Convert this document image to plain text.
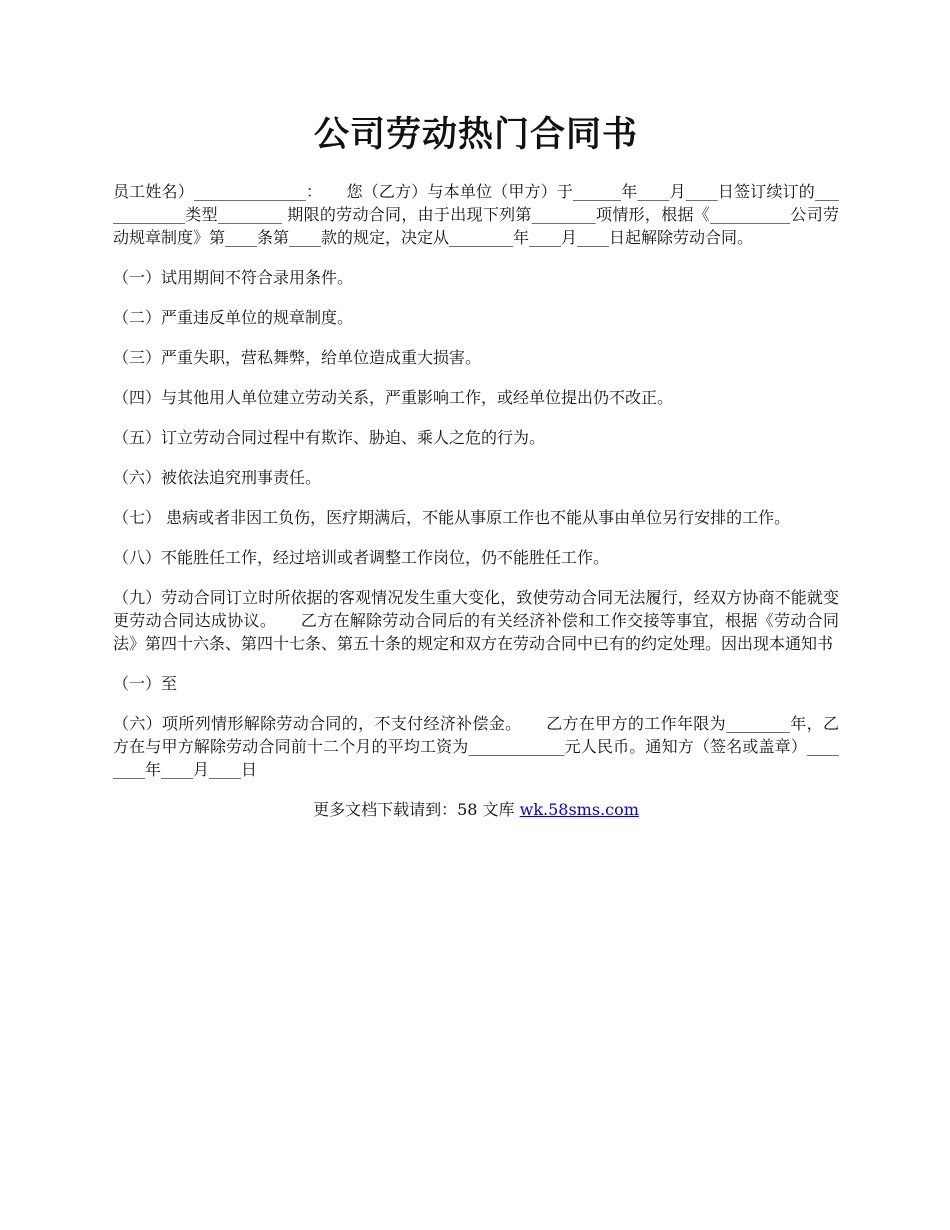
公司劳动热门合同书

员工姓名）______________：　　您（乙方）与本单位（甲方）于______年____月____日签订续订的____________类型________ 期限的劳动合同，由于出现下列第________项情形，根据《__________公司劳动规章制度》第____条第____款的规定，决定从________年____月____日起解除劳动合同。

（一）试用期间不符合录用条件。

（二）严重违反单位的规章制度。

（三）严重失职，营私舞弊，给单位造成重大损害。

（四）与其他用人单位建立劳动关系，严重影响工作，或经单位提出仍不改正。

（五）订立劳动合同过程中有欺诈、胁迫、乘人之危的行为。

（六）被依法追究刑事责任。

（七） 患病或者非因工负伤，医疗期满后，不能从事原工作也不能从事由单位另行安排的工作。

（八）不能胜任工作，经过培训或者调整工作岗位，仍不能胜任工作。

（九）劳动合同订立时所依据的客观情况发生重大变化，致使劳动合同无法履行，经双方协商不能就变更劳动合同达成协议。　　乙方在解除劳动合同后的有关经济补偿和工作交接等事宜，根据《劳动合同法》第四十六条、第四十七条、第五十条的规定和双方在劳动合同中已有的约定处理。因出现本通知书

（一）至

（六）项所列情形解除劳动合同的，不支付经济补偿金。　　乙方在甲方的工作年限为________年，乙方在与甲方解除劳动合同前十二个月的平均工资为____________元人民币。通知方（签名或盖章）________年____月____日

更多文档下载请到：58 文库 wk.58sms.com
